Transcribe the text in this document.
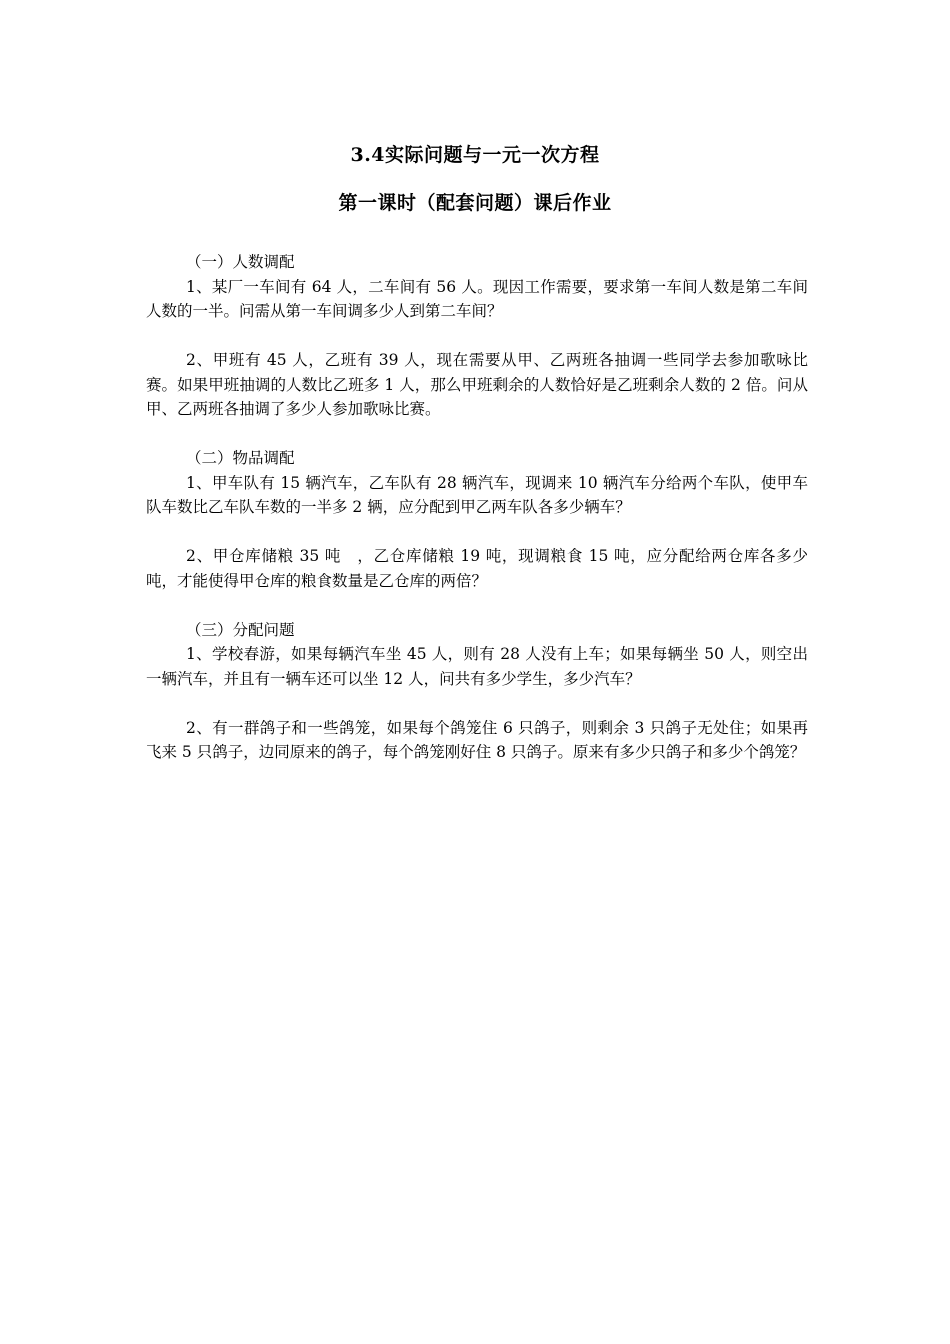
3.4实际问题与一元一次方程
第一课时（配套问题）课后作业
（一）人数调配
1、某厂一车间有 64 人，二车间有 56 人。现因工作需要，要求第一车间人数是第二车间人数的一半。问需从第一车间调多少人到第二车间？
2、甲班有 45 人，乙班有 39 人，现在需要从甲、乙两班各抽调一些同学去参加歌咏比赛。如果甲班抽调的人数比乙班多 1 人，那么甲班剩余的人数恰好是乙班剩余人数的 2 倍。问从甲、乙两班各抽调了多少人参加歌咏比赛。
（二）物品调配
1、甲车队有 15 辆汽车，乙车队有 28 辆汽车，现调来 10 辆汽车分给两个车队，使甲车队车数比乙车队车数的一半多 2 辆，应分配到甲乙两车队各多少辆车？
2、甲仓库储粮 35 吨　，乙仓库储粮 19 吨，现调粮食 15 吨，应分配给两仓库各多少吨，才能使得甲仓库的粮食数量是乙仓库的两倍？
（三）分配问题
1、学校春游，如果每辆汽车坐 45 人，则有 28 人没有上车；如果每辆坐 50 人，则空出一辆汽车，并且有一辆车还可以坐 12 人，问共有多少学生，多少汽车？
2、有一群鸽子和一些鸽笼，如果每个鸽笼住 6 只鸽子，则剩余 3 只鸽子无处住；如果再飞来 5 只鸽子，边同原来的鸽子，每个鸽笼刚好住 8 只鸽子。原来有多少只鸽子和多少个鸽笼？
